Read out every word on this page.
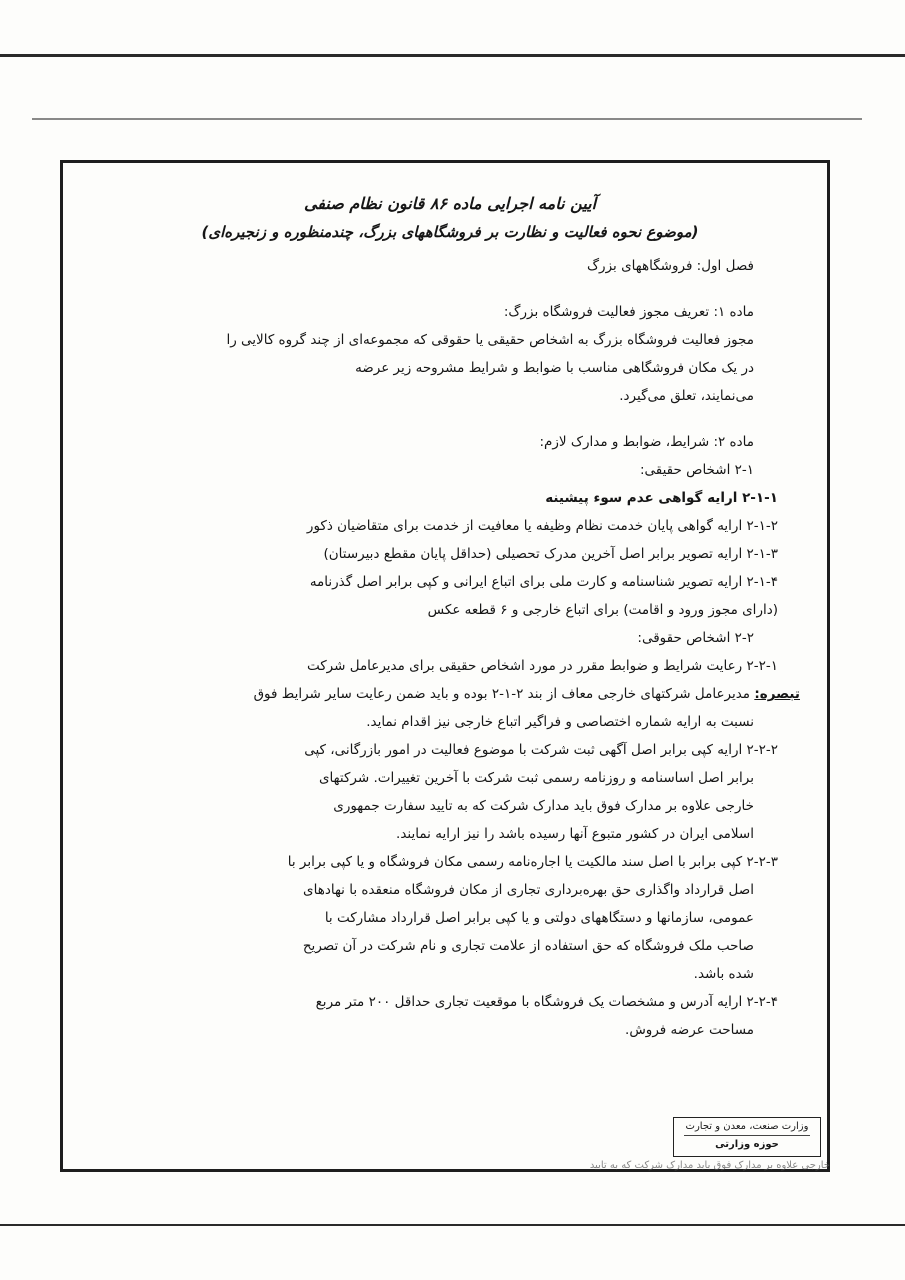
آیین نامه اجرایی ماده ۸۶ قانون نظام صنفی

(موضوع نحوه فعالیت و نظارت بر فروشگاههای بزرگ، چندمنظوره و زنجیره‌ای)

فصل اول: فروشگاههای بزرگ

ماده ۱: تعریف مجوز فعالیت فروشگاه بزرگ:

مجوز فعالیت فروشگاه بزرگ به اشخاص حقیقی یا حقوقی که مجموعه‌ای از چند گروه کالایی را

در یک مکان فروشگاهی مناسب با ضوابط و شرایط مشروحه زیر عرضه

می‌نمایند، تعلق می‌گیرد.

ماده ۲: شرایط، ضوابط و مدارک لازم:

۲-۱ اشخاص حقیقی:

۲-۱-۱ ارایه گواهی عدم سوء پیشینه

۲-۱-۲ ارایه گواهی پایان خدمت نظام وظیفه یا معافیت از خدمت برای متقاضیان ذکور

۲-۱-۳ ارایه تصویر برابر اصل آخرین مدرک تحصیلی (حداقل پایان مقطع دبیرستان)

۲-۱-۴ ارایه تصویر شناسنامه و کارت ملی برای اتباع ایرانی و کپی برابر اصل گذرنامه

(دارای مجوز ورود و اقامت) برای اتباع خارجی و ۶ قطعه عکس

۲-۲ اشخاص حقوقی:

۲-۲-۱ رعایت شرایط و ضوابط مقرر در مورد اشخاص حقیقی برای مدیرعامل شرکت

تبصره: مدیرعامل شرکتهای خارجی معاف از بند ۲-۱-۲ بوده و باید ضمن رعایت سایر شرایط فوق

نسبت به ارایه شماره اختصاصی و فراگیر اتباع خارجی نیز اقدام نماید.

۲-۲-۲ ارایه کپی برابر اصل آگهی ثبت شرکت با موضوع فعالیت در امور بازرگانی، کپی

برابر اصل اساسنامه و روزنامه رسمی ثبت شرکت با آخرین تغییرات. شرکتهای

خارجی علاوه بر مدارک فوق باید مدارک شرکت که به تایید سفارت جمهوری

اسلامی ایران در کشور متبوع آنها رسیده باشد را نیز ارایه نمایند.

۲-۲-۳ کپی برابر با اصل سند مالکیت یا اجاره‌نامه رسمی مکان فروشگاه و یا کپی برابر با

اصل قرارداد واگذاری حق بهره‌برداری تجاری از مکان فروشگاه منعقده با نهادهای

عمومی، سازمانها و دستگاههای دولتی و یا کپی برابر اصل قرارداد مشارکت با

صاحب ملک فروشگاه که حق استفاده از علامت تجاری و نام شرکت در آن تصریح

شده باشد.

۲-۲-۴ ارایه آدرس و مشخصات یک فروشگاه با موقعیت تجاری حداقل ۲۰۰ متر مربع

مساحت عرضه فروش.

وزارت صنعت، معدن و تجارت
حوزه وزارتی
خارجی علاوه بر مدارک فوق باید مدارک شرکت که به تایید
